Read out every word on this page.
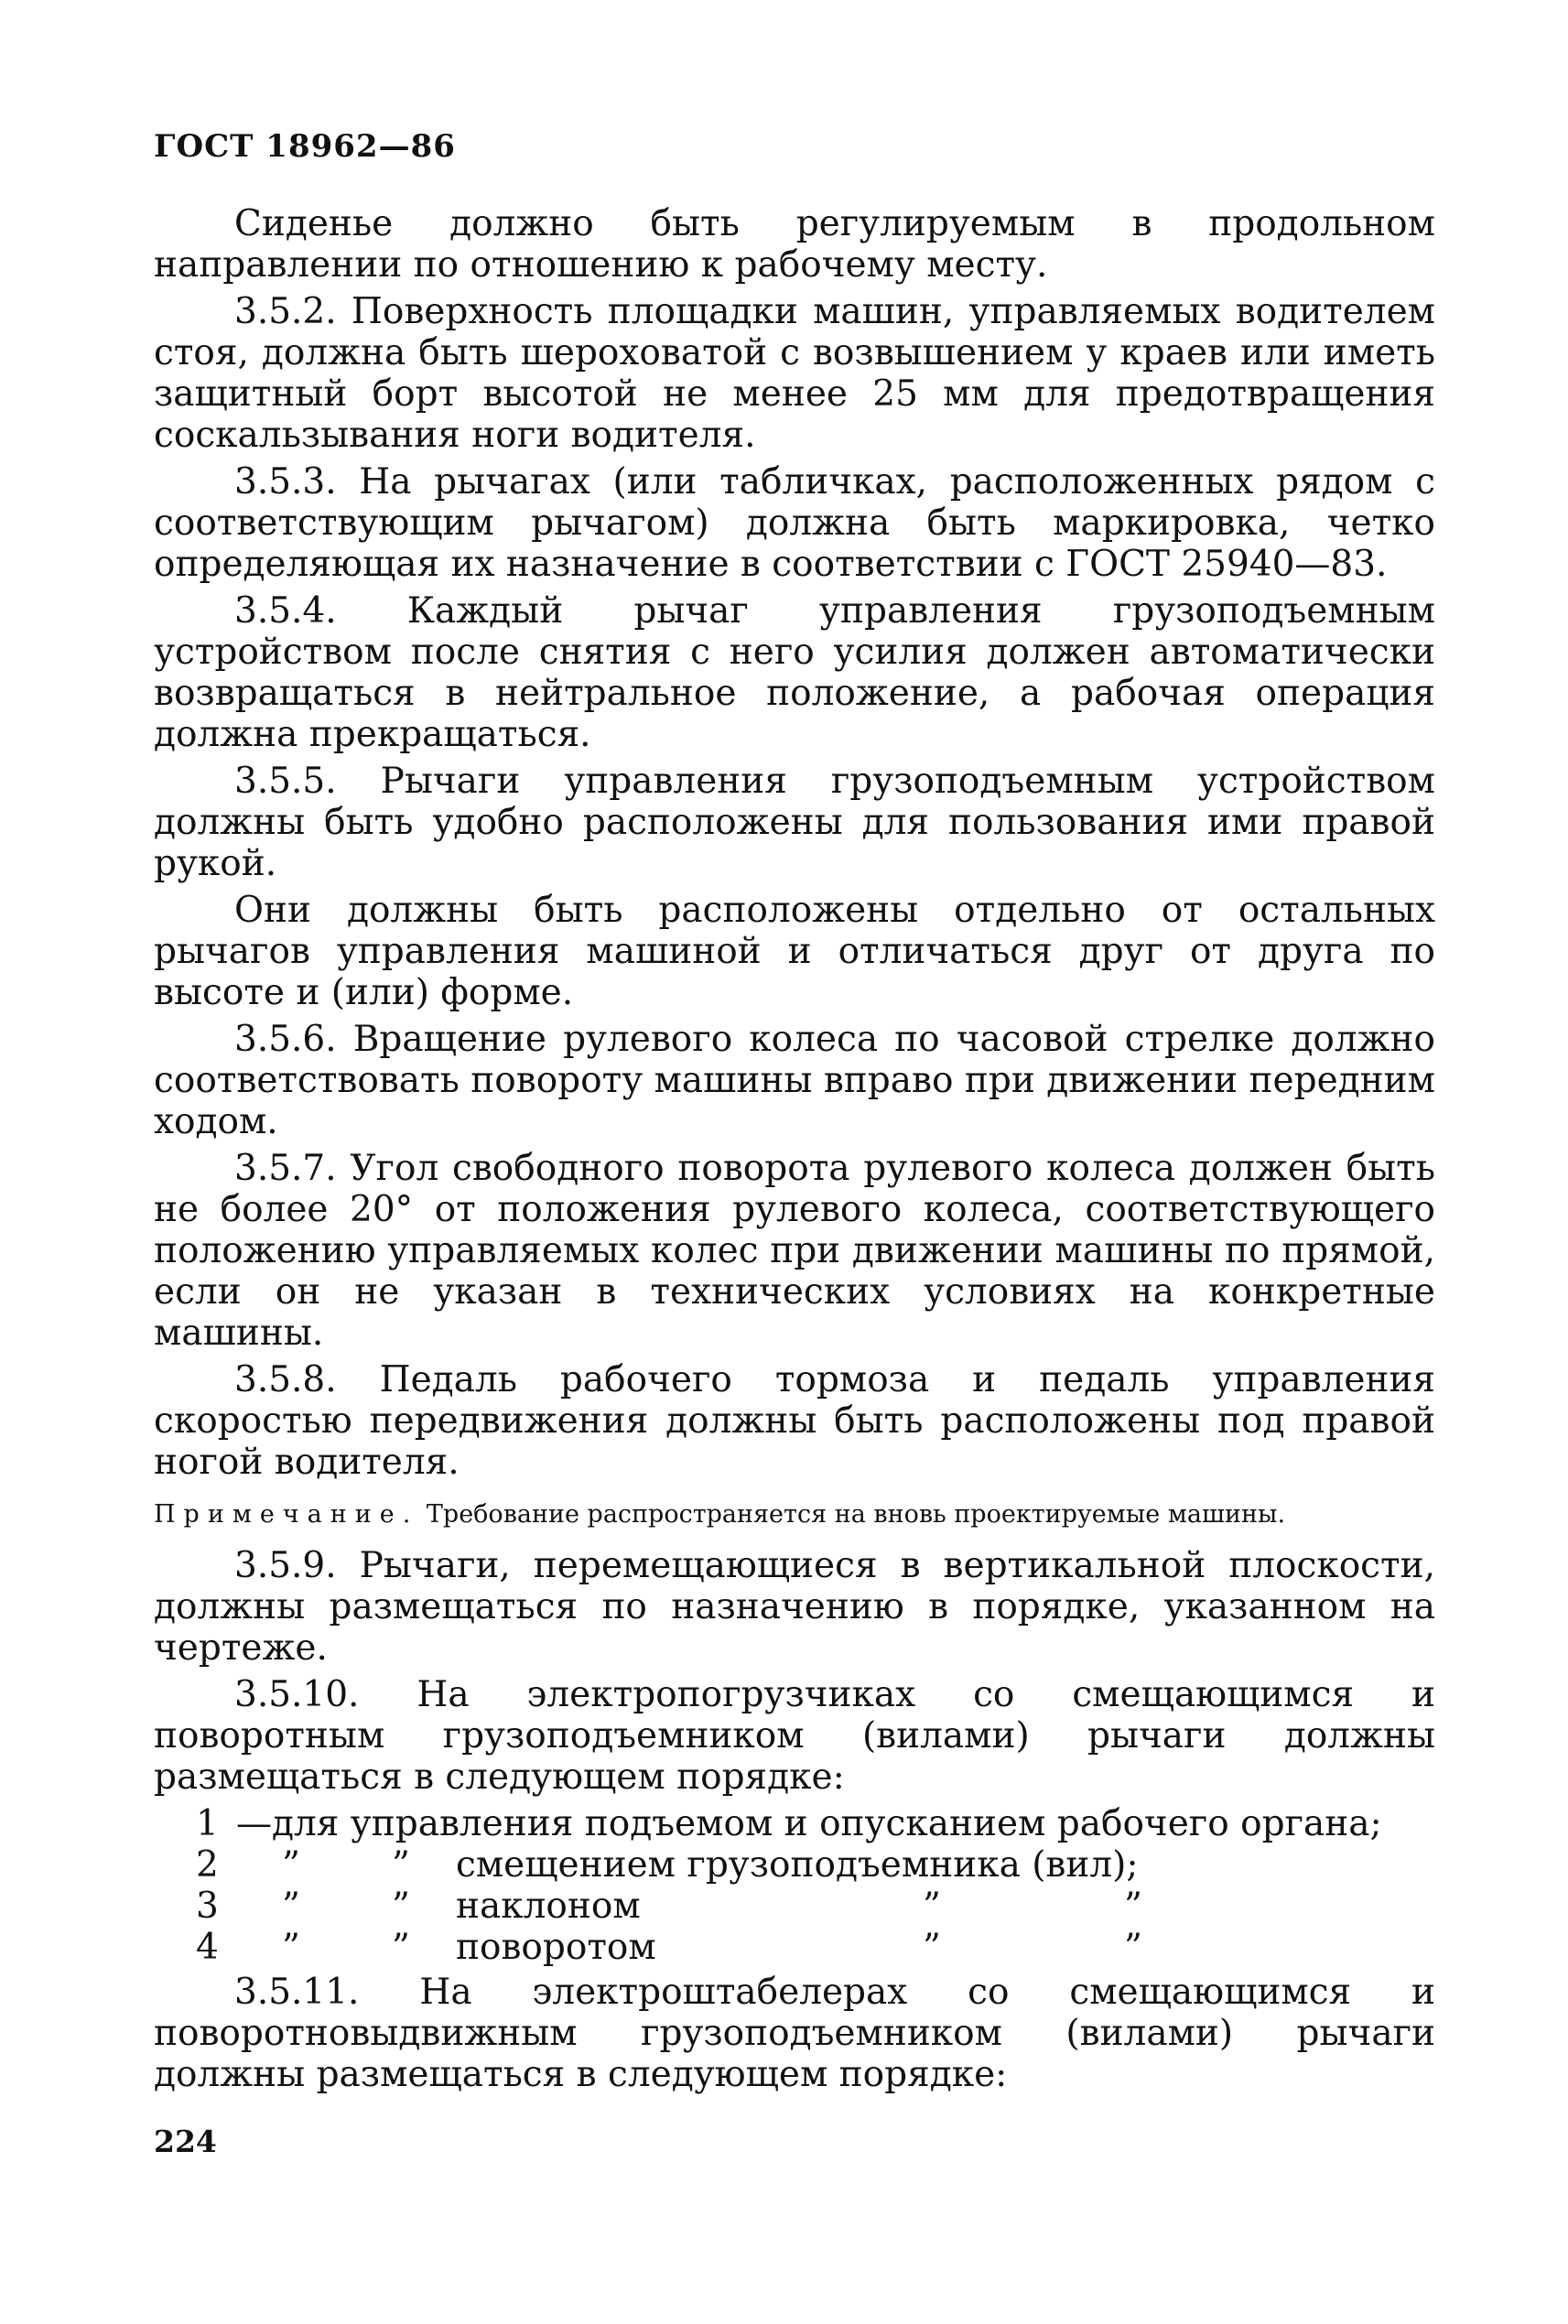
ГОСТ 18962—86

Сиденье должно быть регулируемым в продольном направлении по отношению к рабочему месту.

3.5.2. Поверхность площадки машин, управляемых водителем стоя, должна быть шероховатой с возвышением у краев или иметь защитный борт высотой не менее 25 мм для предотвращения соскальзывания ноги водителя.

3.5.3. На рычагах (или табличках, расположенных рядом с соответствующим рычагом) должна быть маркировка, четко определяющая их назначение в соответствии с ГОСТ 25940—83.

3.5.4. Каждый рычаг управления грузоподъемным устройством после снятия с него усилия должен автоматически возвращаться в нейтральное положение, а рабочая операция должна прекращаться.

3.5.5. Рычаги управления грузоподъемным устройством должны быть удобно расположены для пользования ими правой рукой.

Они должны быть расположены отдельно от остальных рычагов управления машиной и отличаться друг от друга по высоте и (или) форме.

3.5.6. Вращение рулевого колеса по часовой стрелке должно соответствовать повороту машины вправо при движении передним ходом.

3.5.7. Угол свободного поворота рулевого колеса должен быть не более 20° от положения рулевого колеса, соответствующего положению управляемых колес при движении машины по прямой, если он не указан в технических условиях на конкретные машины.

3.5.8. Педаль рабочего тормоза и педаль управления скоростью передвижения должны быть расположены под правой ногой водителя.

Примечание. Требование распространяется на вновь проектируемые машины.

3.5.9. Рычаги, перемещающиеся в вертикальной плоскости, должны размещаться по назначению в порядке, указанном на чертеже.

3.5.10. На электропогрузчиках со смещающимся и поворотным грузоподъемником (вилами) рычаги должны размещаться в следующем порядке:

1 —для управления подъемом и опусканием рабочего органа;
2	”	”	смещением грузоподъемника (вил);
3	”	”	наклоном	”	”
4	”	”	поворотом	”	”

3.5.11. На электроштабелерах со смещающимся и поворотновыдвижным грузоподъемником (вилами) рычаги должны размещаться в следующем порядке:

224
